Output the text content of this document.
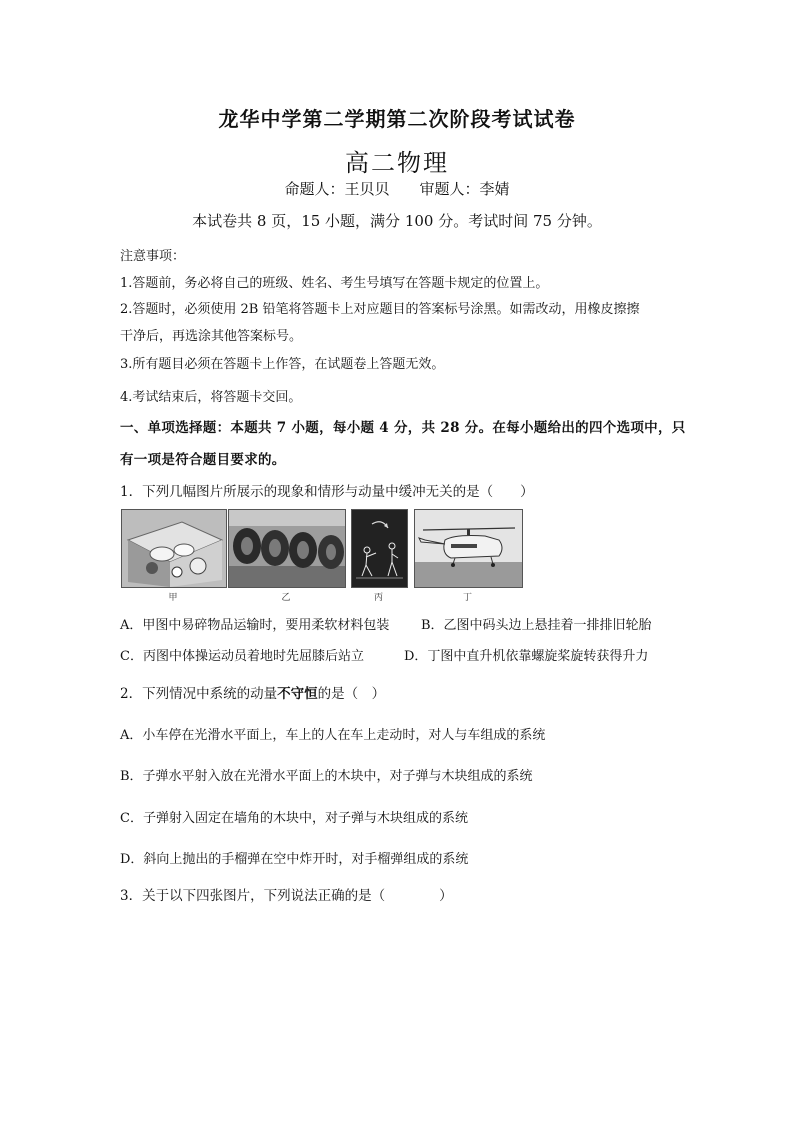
龙华中学第二学期第二次阶段考试试卷
高二物理
命题人：王贝贝 审题人：李婧
本试卷共 8 页，15 小题，满分 100 分。考试时间 75 分钟。
注意事项：
1.答题前，务必将自己的班级、姓名、考生号填写在答题卡规定的位置上。
2.答题时，必须使用 2B 铅笔将答题卡上对应题目的答案标号涂黑。如需改动，用橡皮擦擦
干净后，再选涂其他答案标号。
3.所有题目必须在答题卡上作答，在试题卷上答题无效。
4.考试结束后，将答题卡交回。
一、单项选择题：本题共 7 小题，每小题 4 分，共 28 分。在每小题给出的四个选项中，只
有一项是符合题目要求的。
1．下列几幅图片所展示的现象和情形与动量中缓冲无关的是（　　）
甲	乙	丙	丁
A．甲图中易碎物品运输时，要用柔软材料包装 B．乙图中码头边上悬挂着一排排旧轮胎
C．丙图中体操运动员着地时先屈膝后站立	D．丁图中直升机依靠螺旋桨旋转获得升力
2．下列情况中系统的动量不守恒的是（　）
A．小车停在光滑水平面上，车上的人在车上走动时，对人与车组成的系统
B．子弹水平射入放在光滑水平面上的木块中，对子弹与木块组成的系统
C．子弹射入固定在墙角的木块中，对子弹与木块组成的系统
D．斜向上抛出的手榴弹在空中炸开时，对手榴弹组成的系统
3．关于以下四张图片，下列说法正确的是（　　　　）
